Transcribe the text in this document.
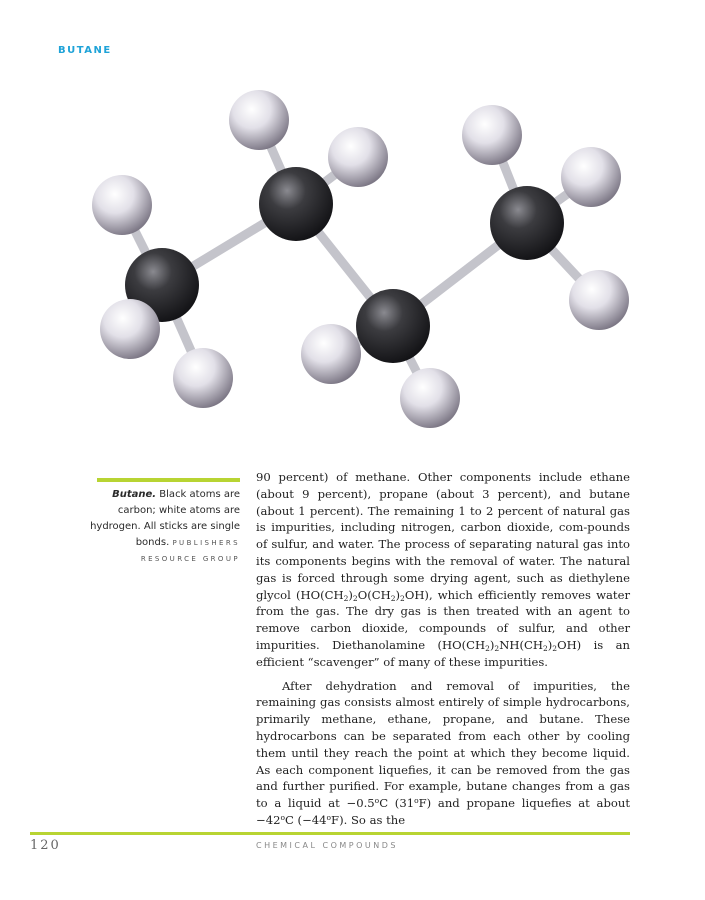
BUTANE
Butane. Black atoms are carbon; white atoms are hydrogen. All sticks are single bonds. PUBLISHERS RESOURCE GROUP

90 percent) of methane. Other components include ethane (about 9 percent), propane (about 3 percent), and butane (about 1 percent). The remaining 1 to 2 percent of natural gas is impurities, including nitrogen, carbon dioxide, com-pounds of sulfur, and water. The process of separating natural gas into its components begins with the removal of water. The natural gas is forced through some drying agent, such as diethylene glycol $(HO(CH_2)_2O(CH_2)_2OH)$, which efficiently removes water from the gas. The dry gas is then treated with an agent to remove carbon dioxide, compounds of sulfur, and other impurities. Diethanolamine $(HO(CH_2)_2NH(CH_2)_2OH)$ is an efficient “scavenger” of many of these impurities.

After dehydration and removal of impurities, the remaining gas consists almost entirely of simple hydrocarbons, primarily methane, ethane, propane, and butane. These hydrocarbons can be separated from each other by cooling them until they reach the point at which they become liquid. As each component liquefies, it can be removed from the gas and further purified. For example, butane changes from a gas to a liquid at $-0.5^oC$ (31$^o$F) and propane liquefies at about $-42^oC$ $(-44^oF)$. So as the

120	CHEMICAL COMPOUNDS
